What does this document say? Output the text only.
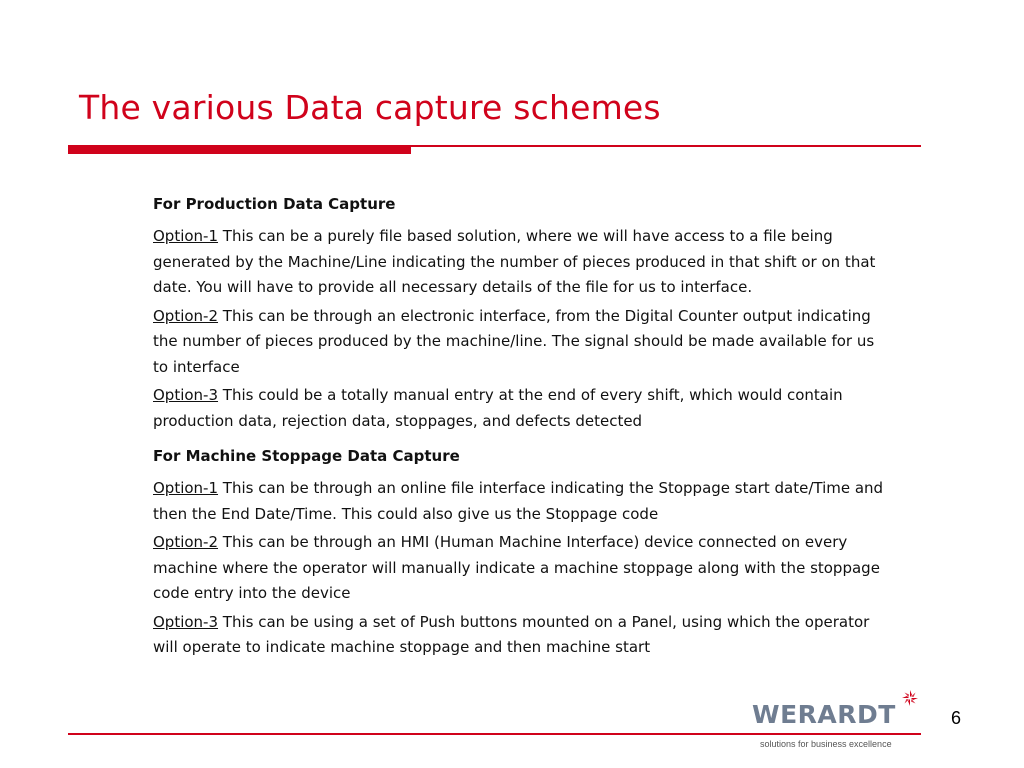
The various Data capture schemes
For Production Data Capture

Option-1 This can be a purely file based solution, where we will have access to a file being generated by the Machine/Line indicating the number of pieces produced in that shift or on that date. You will have to provide all necessary details of the file for us to interface.

Option-2 This can be through an electronic interface, from the Digital Counter output indicating the number of pieces produced by the machine/line. The signal should be made available for us to interface

Option-3 This could be a totally manual entry at the end of every shift, which would contain production data, rejection data, stoppages, and defects detected

For Machine Stoppage Data Capture

Option-1 This can be through an online file interface indicating the Stoppage start date/Time and then the End Date/Time. This could also give us the Stoppage code

Option-2 This can be through an HMI (Human Machine Interface) device connected on every machine where the operator will manually indicate a machine stoppage along with the stoppage code entry into the device

Option-3 This can be using a set of Push buttons mounted on a Panel, using which the operator will operate to indicate machine stoppage and then machine start

WERARDT
solutions for business excellence
6
